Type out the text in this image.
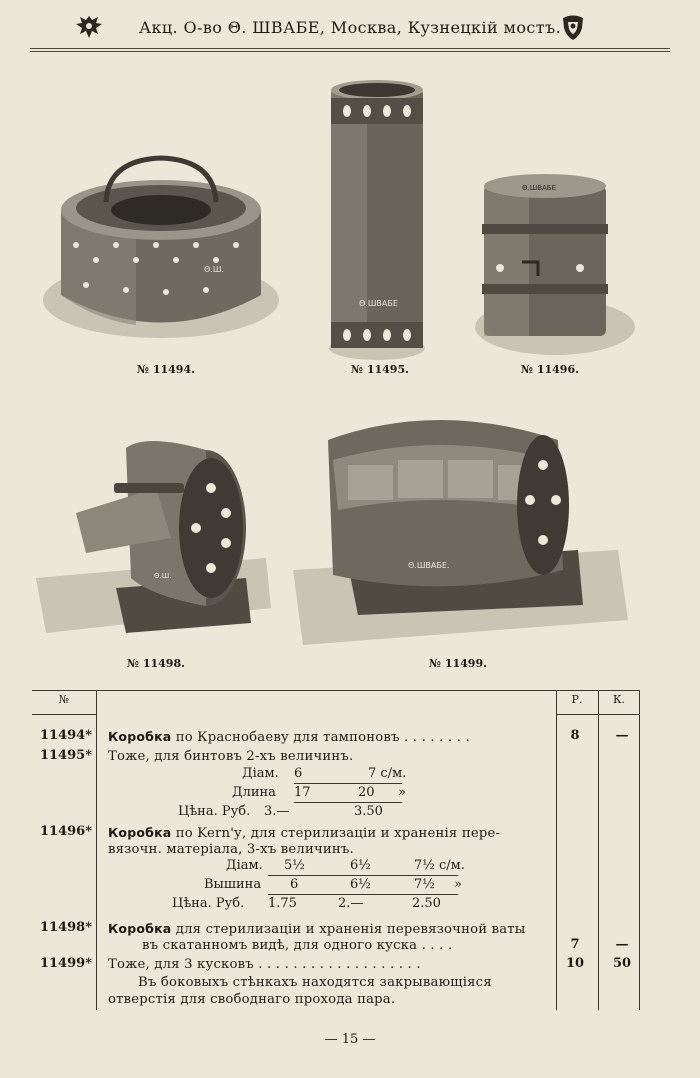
Акц. О-во Θ. ШВАБЕ, Москва, Кузнецкій мостъ.
Θ.Ш.
№ 11494.
Θ.ШВАБЕ
№ 11495.
Θ.ШВАБЕ
№ 11496.
Θ.Ш.
№ 11498.
Θ.ШВАБЕ.
№ 11499.
№	Р.	К.
11494* Коробка по Краснобаеву для тампоновъ . . . . . . . .	8	—
11495* Тоже, для бинтовъ 2-хъ величинъ.
Діам. 6	7 с/м.
Длина 17	20 »
Цѣна. Руб. 3.—	3.50
11496* Коробка по Kern'у, для стерилизаціи и храненія пере-
вязочн. матеріала, 3-хъ величинъ.
Діам. 5½	6½	7½ с/м.
Вышина 6	6½	7½ »
Цѣна. Руб. 1.75	2.—	2.50
11498* Коробка для стерилизаціи и храненія перевязочной ваты
въ скатанномъ видѣ, для одного куска . . . .	7	—
11499* Тоже, для 3 кусковъ . . . . . . . . . . . . . . . . . . .	10	50
Въ боковыхъ стѣнкахъ находятся закрывающіяся
отверстія для свободнаго прохода пара.
— 15 —
